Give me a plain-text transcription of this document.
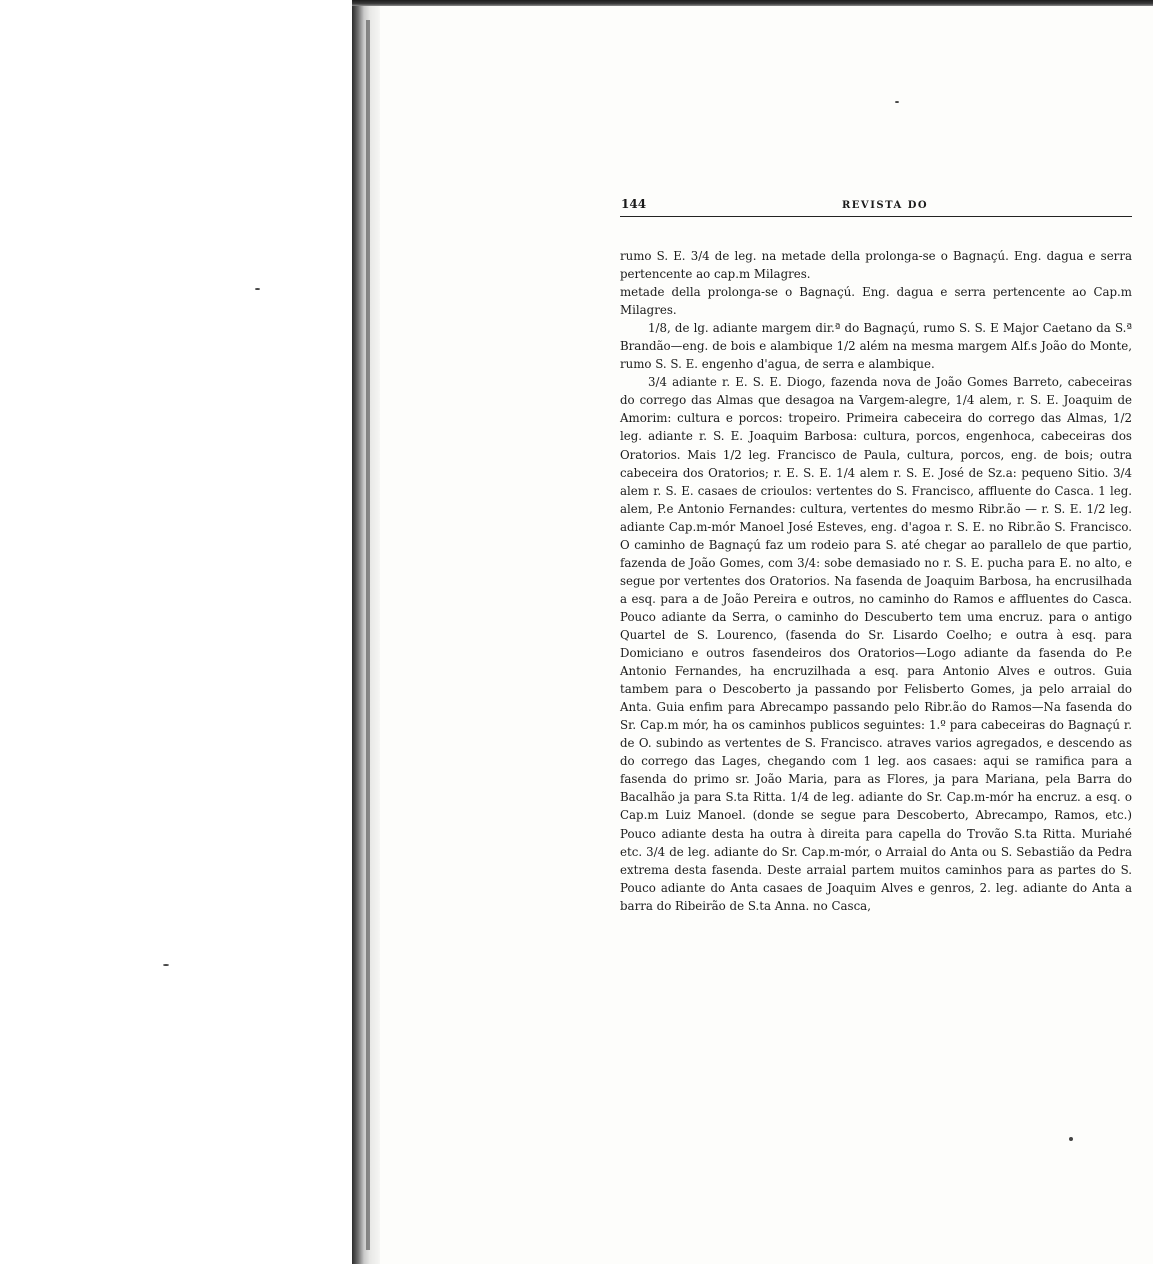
144	REVISTA DO

rumo S. E. 3/4 de leg. na metade della prolonga-se o Bagnaçú. Eng. dagua e serra pertencente ao cap.m Milagres.

metade della prolonga-se o Bagnaçú. Eng. dagua e serra pertencente ao Cap.m Milagres.

1/8, de lg. adiante margem dir.ª do Bagnaçú, rumo S. S. E Major Caetano da S.ª Brandão—eng. de bois e alambique 1/2 além na mesma margem Alf.s João do Monte, rumo S. S. E. engenho d'agua, de serra e alambique.

3/4 adiante r. E. S. E. Diogo, fazenda nova de João Gomes Barreto, cabeceiras do corrego das Almas que desagoa na Vargem-alegre, 1/4 alem, r. S. E. Joaquim de Amorim: cultura e porcos: tropeiro. Primeira cabeceira do corrego das Almas, 1/2 leg. adiante r. S. E. Joaquim Barbosa: cultura, porcos, engenhoca, cabeceiras dos Oratorios. Mais 1/2 leg. Francisco de Paula, cultura, porcos, eng. de bois; outra cabeceira dos Oratorios; r. E. S. E. 1/4 alem r. S. E. José de Sz.a: pequeno Sitio. 3/4 alem r. S. E. casaes de crioulos: vertentes do S. Francisco, affluente do Casca. 1 leg. alem, P.e Antonio Fernandes: cultura, vertentes do mesmo Ribr.ão — r. S. E. 1/2 leg. adiante Cap.m-mór Manoel José Esteves, eng. d'agoa r. S. E. no Ribr.ão S. Francisco. O caminho de Bagnaçú faz um rodeio para S. até chegar ao parallelo de que partio, fazenda de João Gomes, com 3/4: sobe demasiado no r. S. E. pucha para E. no alto, e segue por vertentes dos Oratorios. Na fasenda de Joaquim Barbosa, ha encrusilhada a esq. para a de João Pereira e outros, no caminho do Ramos e affluentes do Casca. Pouco adiante da Serra, o caminho do Descuberto tem uma encruz. para o antigo Quartel de S. Lourenco, (fasenda do Sr. Lisardo Coelho; e outra à esq. para Domiciano e outros fasendeiros dos Oratorios—Logo adiante da fasenda do P.e Antonio Fernandes, ha encruzilhada a esq. para Antonio Alves e outros. Guia tambem para o Descoberto ja passando por Felisberto Gomes, ja pelo arraial do Anta. Guia enfim para Abrecampo passando pelo Ribr.ão do Ramos—Na fasenda do Sr. Cap.m mór, ha os caminhos publicos seguintes: 1.º para cabeceiras do Bagnaçú r. de O. subindo as vertentes de S. Francisco. atraves varios agregados, e descendo as do corrego das Lages, chegando com 1 leg. aos casaes: aqui se ramifica para a fasenda do primo sr. João Maria, para as Flores, ja para Mariana, pela Barra do Bacalhão ja para S.ta Ritta. 1/4 de leg. adiante do Sr. Cap.m-mór ha encruz. a esq. o Cap.m Luiz Manoel. (donde se segue para Descoberto, Abrecampo, Ramos, etc.) Pouco adiante desta ha outra à direita para capella do Trovão S.ta Ritta. Muriahé etc. 3/4 de leg. adiante do Sr. Cap.m-mór, o Arraial do Anta ou S. Sebastião da Pedra extrema desta fasenda. Deste arraial partem muitos caminhos para as partes do S. Pouco adiante do Anta casaes de Joaquim Alves e genros, 2. leg. adiante do Anta a barra do Ribeirão de S.ta Anna. no Casca,
